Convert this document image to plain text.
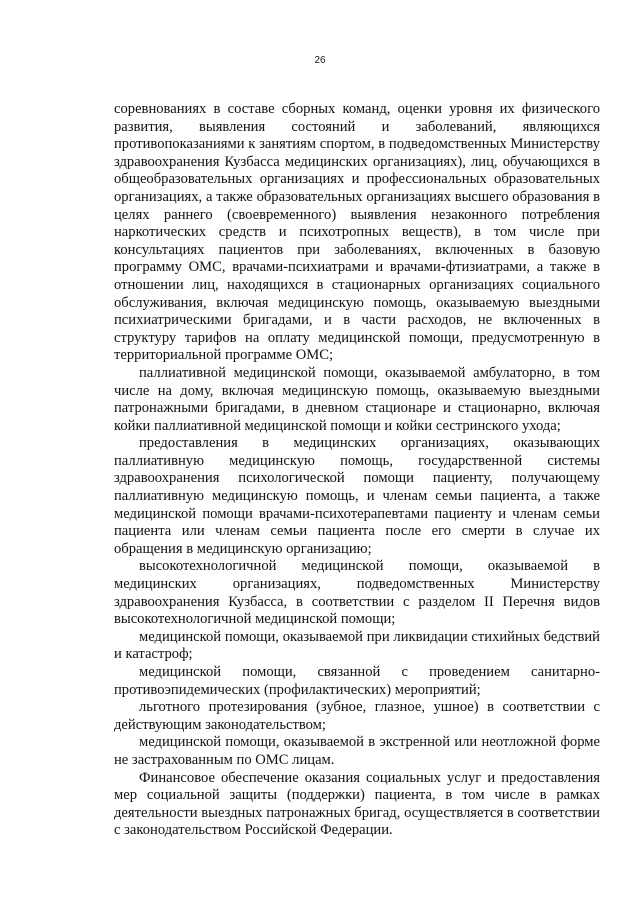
26

соревнованиях в составе сборных команд, оценки уровня их физического развития, выявления состояний и заболеваний, являющихся противопоказаниями к занятиям спортом, в подведомственных Министерству здравоохранения Кузбасса медицинских организациях), лиц, обучающихся в общеобразовательных организациях и профессиональных образовательных организациях, а также образовательных организациях высшего образования в целях раннего (своевременного) выявления незаконного потребления наркотических средств и психотропных веществ), в том числе при консультациях пациентов при заболеваниях, включенных в базовую программу ОМС, врачами-психиатрами и врачами-фтизиатрами, а также в отношении лиц, находящихся в стационарных организациях социального обслуживания, включая медицинскую помощь, оказываемую выездными психиатрическими бригадами, и в части расходов, не включенных в структуру тарифов на оплату медицинской помощи, предусмотренную в территориальной программе ОМС;

паллиативной медицинской помощи, оказываемой амбулаторно, в том числе на дому, включая медицинскую помощь, оказываемую выездными патронажными бригадами, в дневном стационаре и стационарно, включая койки паллиативной медицинской помощи и койки сестринского ухода;

предоставления в медицинских организациях, оказывающих паллиативную медицинскую помощь, государственной системы здравоохранения психологической помощи пациенту, получающему паллиативную медицинскую помощь, и членам семьи пациента, а также медицинской помощи врачами-психотерапевтами пациенту и членам семьи пациента или членам семьи пациента после его смерти в случае их обращения в медицинскую организацию;

высокотехнологичной медицинской помощи, оказываемой в медицинских организациях, подведомственных Министерству здравоохранения Кузбасса, в соответствии с разделом II Перечня видов высокотехнологичной медицинской помощи;

медицинской помощи, оказываемой при ликвидации стихийных бедствий и катастроф;

медицинской помощи, связанной с проведением санитарно-противоэпидемических (профилактических) мероприятий;

льготного протезирования (зубное, глазное, ушное) в соответствии с действующим законодательством;

медицинской помощи, оказываемой в экстренной или неотложной форме не застрахованным по ОМС лицам.

Финансовое обеспечение оказания социальных услуг и предоставления мер социальной защиты (поддержки) пациента, в том числе в рамках деятельности выездных патронажных бригад, осуществляется в соответствии с законодательством Российской Федерации.
